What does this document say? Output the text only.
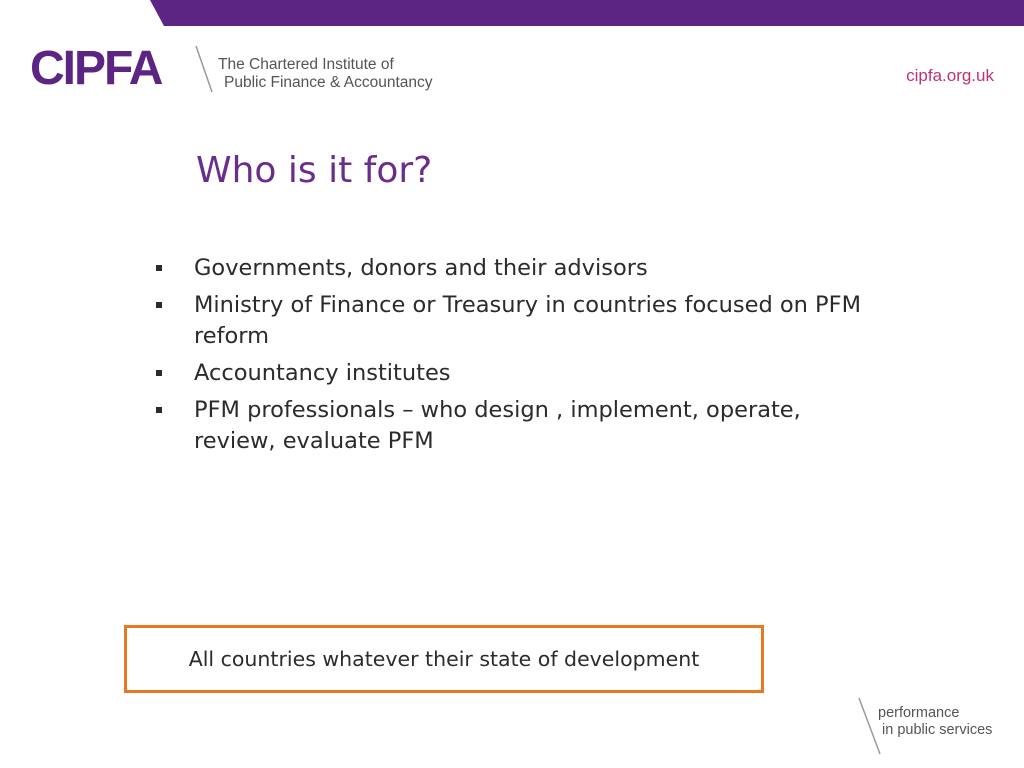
CIPFA	The Chartered Institute of
Public Finance & Accountancy	cipfa.org.uk
Who is it for?
Governments, donors and their advisors
Ministry of Finance or Treasury in countries focused on PFM reform
Accountancy institutes
PFM professionals – who design , implement, operate, review, evaluate PFM
All countries whatever their state of development
performance
in public services
